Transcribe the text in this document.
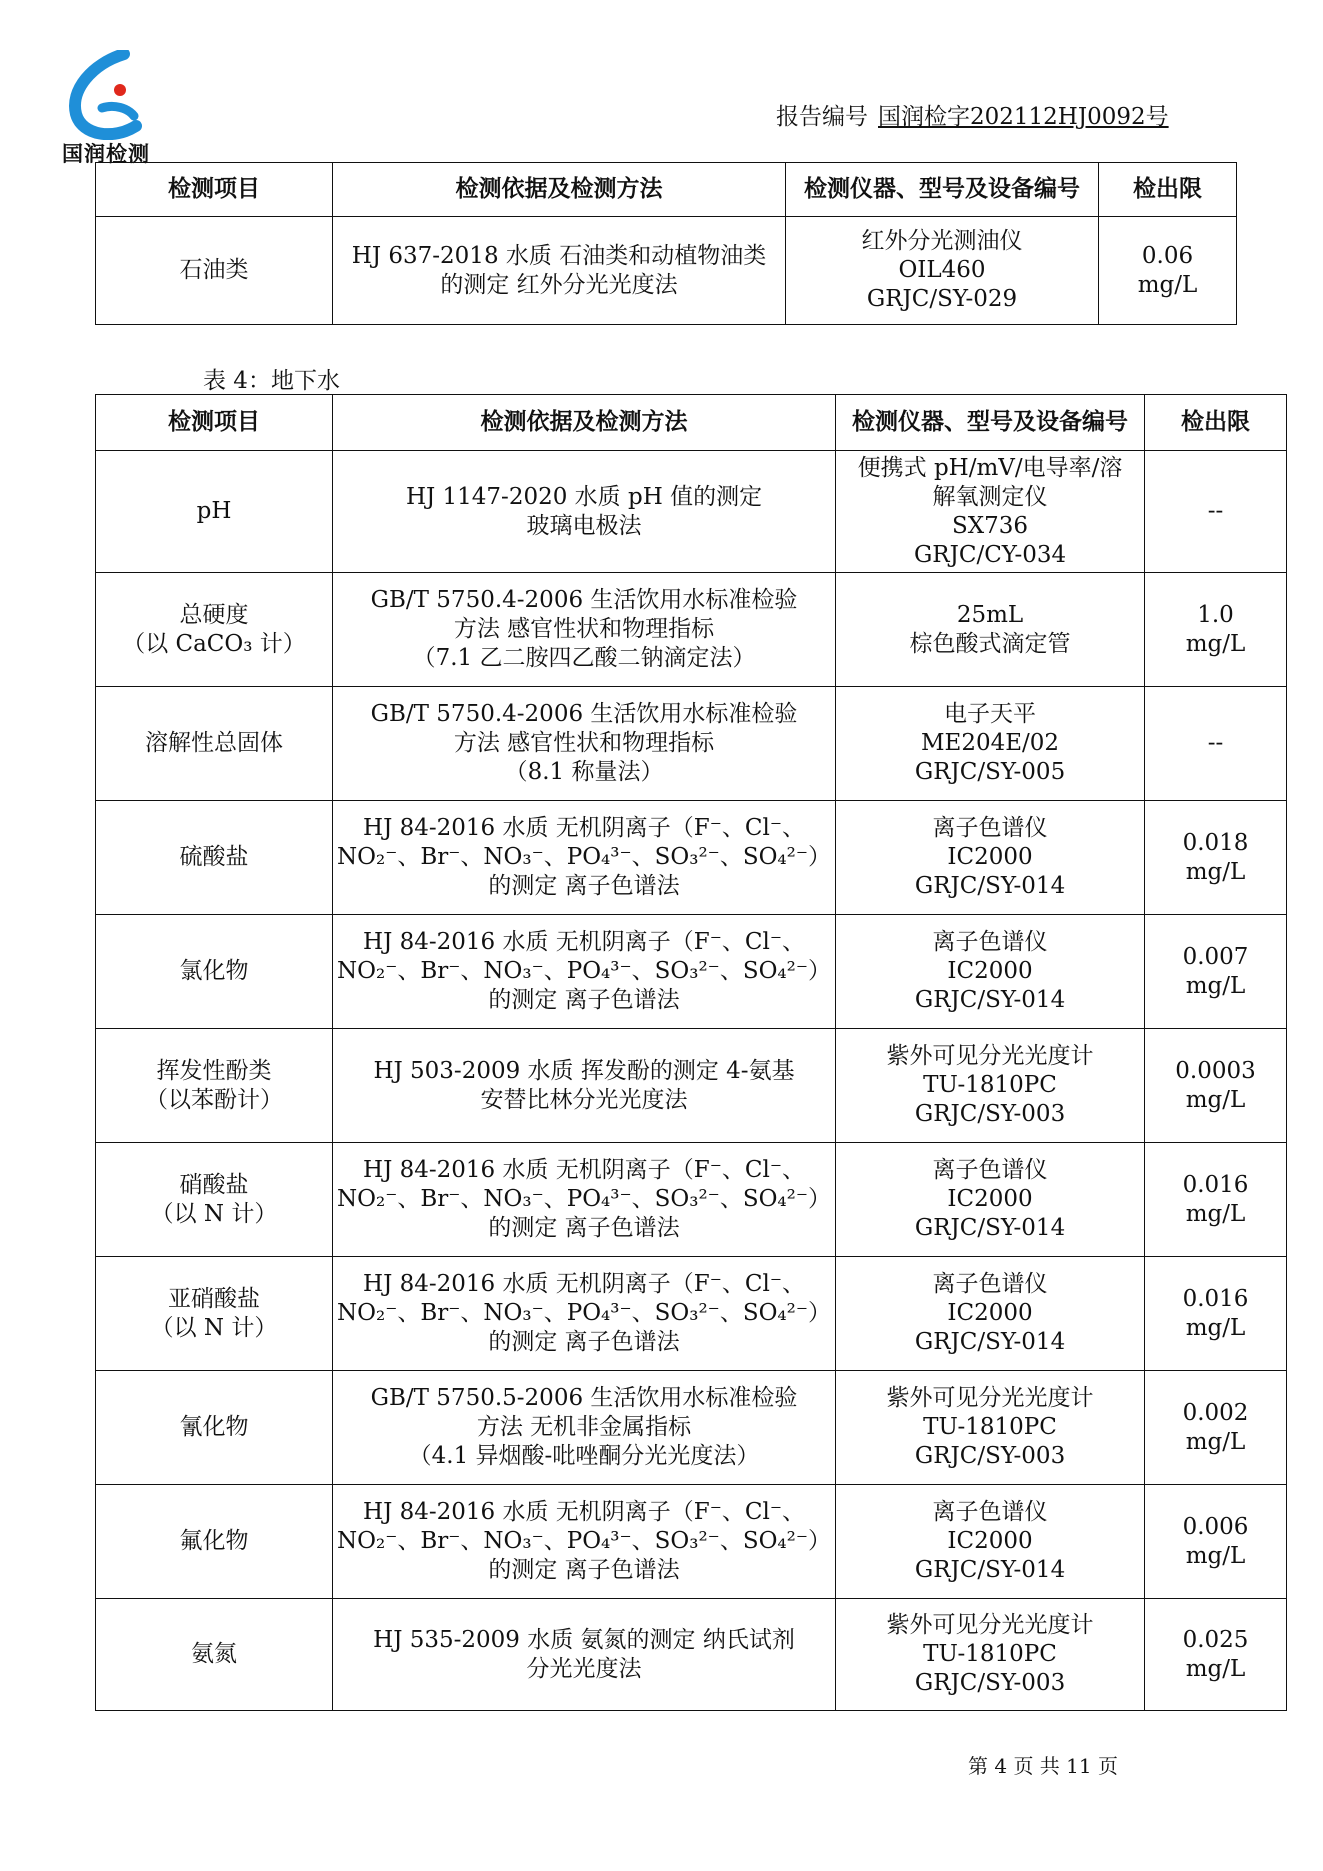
国润检测
报告编号 国润检字202112HJ0092号
检测项目	检测依据及检测方法	检测仪器、型号及设备编号	检出限

石油类	HJ 637-2018 水质 石油类和动植物油类
的测定 红外分光光度法	红外分光测油仪
OIL460
GRJC/SY-029	0.06
mg/L
表 4：地下水
检测项目	检测依据及检测方法	检测仪器、型号及设备编号	检出限

pH	HJ 1147-2020 水质 pH 值的测定
玻璃电极法	便携式 pH/mV/电导率/溶
解氧测定仪
SX736
GRJC/CY-034	--

总硬度
（以 CaCO₃ 计）	GB/T 5750.4-2006 生活饮用水标准检验
方法 感官性状和物理指标
（7.1 乙二胺四乙酸二钠滴定法）	25mL
棕色酸式滴定管	1.0
mg/L

溶解性总固体	GB/T 5750.4-2006 生活饮用水标准检验
方法 感官性状和物理指标
（8.1 称量法）	电子天平
ME204E/02
GRJC/SY-005	--

硫酸盐	HJ 84-2016 水质 无机阴离子（F⁻、Cl⁻、
NO₂⁻、Br⁻、NO₃⁻、PO₄³⁻、SO₃²⁻、SO₄²⁻）
的测定 离子色谱法	离子色谱仪
IC2000
GRJC/SY-014	0.018
mg/L

氯化物	HJ 84-2016 水质 无机阴离子（F⁻、Cl⁻、
NO₂⁻、Br⁻、NO₃⁻、PO₄³⁻、SO₃²⁻、SO₄²⁻）
的测定 离子色谱法	离子色谱仪
IC2000
GRJC/SY-014	0.007
mg/L

挥发性酚类
（以苯酚计）	HJ 503-2009 水质 挥发酚的测定 4-氨基
安替比林分光光度法	紫外可见分光光度计
TU-1810PC
GRJC/SY-003	0.0003
mg/L

硝酸盐
（以 N 计）	HJ 84-2016 水质 无机阴离子（F⁻、Cl⁻、
NO₂⁻、Br⁻、NO₃⁻、PO₄³⁻、SO₃²⁻、SO₄²⁻）
的测定 离子色谱法	离子色谱仪
IC2000
GRJC/SY-014	0.016
mg/L

亚硝酸盐
（以 N 计）	HJ 84-2016 水质 无机阴离子（F⁻、Cl⁻、
NO₂⁻、Br⁻、NO₃⁻、PO₄³⁻、SO₃²⁻、SO₄²⁻）
的测定 离子色谱法	离子色谱仪
IC2000
GRJC/SY-014	0.016
mg/L

氰化物	GB/T 5750.5-2006 生活饮用水标准检验
方法 无机非金属指标
（4.1 异烟酸-吡唑酮分光光度法）	紫外可见分光光度计
TU-1810PC
GRJC/SY-003	0.002
mg/L

氟化物	HJ 84-2016 水质 无机阴离子（F⁻、Cl⁻、
NO₂⁻、Br⁻、NO₃⁻、PO₄³⁻、SO₃²⁻、SO₄²⁻）
的测定 离子色谱法	离子色谱仪
IC2000
GRJC/SY-014	0.006
mg/L

氨氮	HJ 535-2009 水质 氨氮的测定 纳氏试剂
分光光度法	紫外可见分光光度计
TU-1810PC
GRJC/SY-003	0.025
mg/L
第 4 页 共 11 页
